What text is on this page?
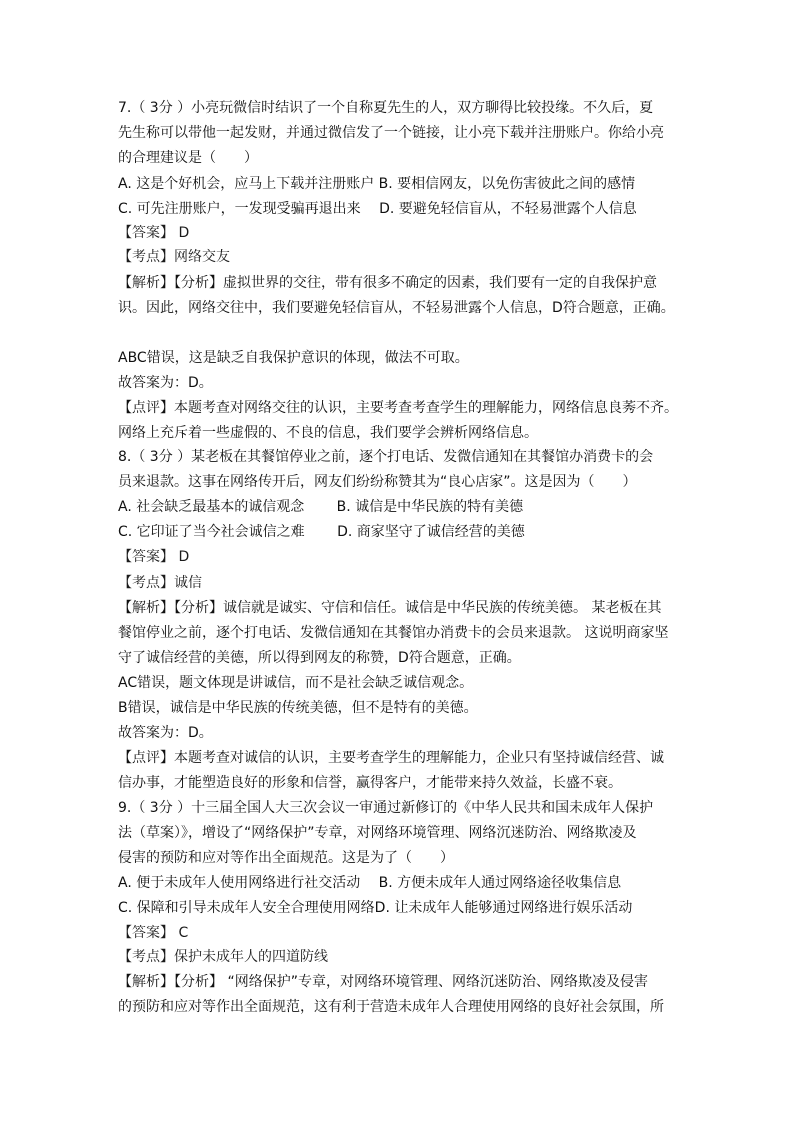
7.（ 3分 ）小亮玩微信时结识了一个自称夏先生的人，双方聊得比较投缘。不久后，夏
先生称可以带他一起发财，并通过微信发了一个链接，让小亮下载并注册账户。你给小亮
的合理建议是（　　）
A. 这是个好机会，应马上下载并注册账户 B. 要相信网友，以免伤害彼此之间的感情
C. 可先注册账户，一发现受骗再退出来　 D. 要避免轻信盲从，不轻易泄露个人信息
【答案】 D
【考点】网络交友
【解析】【分析】虚拟世界的交往，带有很多不确定的因素，我们要有一定的自我保护意
识。因此，网络交往中，我们要避免轻信盲从，不轻易泄露个人信息，D符合题意，正确。
ABC错误，这是缺乏自我保护意识的体现，做法不可取。
故答案为：D。
【点评】本题考查对网络交往的认识，主要考查考查学生的理解能力，网络信息良莠不齐。
网络上充斥着一些虚假的、不良的信息，我们要学会辨析网络信息。
8.（ 3分 ）某老板在其餐馆停业之前，逐个打电话、发微信通知在其餐馆办消费卡的会
员来退款。这事在网络传开后，网友们纷纷称赞其为“良心店家”。这是因为（　　）
A. 社会缺乏最基本的诚信观念　　 B. 诚信是中华民族的特有美德
C. 它印证了当今社会诚信之难　　 D. 商家坚守了诚信经营的美德
【答案】 D
【考点】诚信
【解析】【分析】诚信就是诚实、守信和信任。诚信是中华民族的传统美德。 某老板在其
餐馆停业之前，逐个打电话、发微信通知在其餐馆办消费卡的会员来退款。 这说明商家坚
守了诚信经营的美德，所以得到网友的称赞，D符合题意，正确。
AC错误，题文体现是讲诚信，而不是社会缺乏诚信观念。
B错误，诚信是中华民族的传统美德，但不是特有的美德。
故答案为：D。
【点评】本题考查对诚信的认识，主要考查学生的理解能力，企业只有坚持诚信经营、诚
信办事，才能塑造良好的形象和信誉，赢得客户，才能带来持久效益，长盛不衰。
9.（ 3分 ）十三届全国人大三次会议一审通过新修订的《中华人民共和国未成年人保护
法（草案）》，增设了“网络保护”专章，对网络环境管理、网络沉迷防治、网络欺凌及
侵害的预防和应对等作出全面规范。这是为了（　　）
A. 便于未成年人使用网络进行社交活动　 B. 方便未成年人通过网络途径收集信息
C. 保障和引导未成年人安全合理使用网络D. 让未成年人能够通过网络进行娱乐活动
【答案】 C
【考点】保护未成年人的四道防线
【解析】【分析】 “网络保护”专章，对网络环境管理、网络沉迷防治、网络欺凌及侵害
的预防和应对等作出全面规范，这有利于营造未成年人合理使用网络的良好社会氛围，所
